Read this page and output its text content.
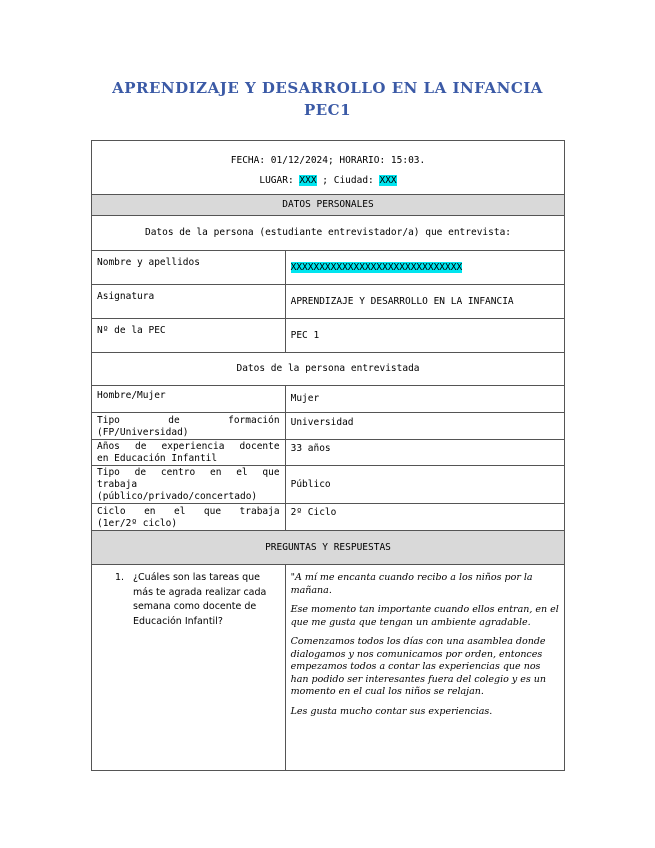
APRENDIZAJE Y DESARROLLO EN LA INFANCIA
PEC1
FECHA: 01/12/2024; HORARIO: 15:03.
LUGAR: XXX ; Ciudad: XXX	

DATOS PERSONALES	
Datos de la persona (estudiante entrevistador/a) que entrevista:	
Nombre y apellidos	XXXXXXXXXXXXXXXXXXXXXXXXXXXXXX
Asignatura	APRENDIZAJE Y DESARROLLO EN LA INFANCIA
Nº de la PEC	PEC 1
Datos de la persona entrevistada	
Hombre/Mujer	Mujer

Tipo de formación
(FP/Universidad)	Universidad

Años de experiencia docente
en Educación Infantil	33 años

Tipo de centro en el que
trabaja
(público/privado/concertado)	Público

Ciclo en el que trabaja
(1er/2º ciclo)	2º Ciclo
PREGUNTAS Y RESPUESTAS	

1. ¿Cuáles son las tareas que más te agrada realizar cada semana como docente de Educación Infantil?	"A mí me encanta cuando recibo a los niños por la mañana.

Ese momento tan importante cuando ellos entran, en el que me gusta que tengan un ambiente agradable.

Comenzamos todos los días con una asamblea donde dialogamos y nos comunicamos por orden, entonces empezamos todos a contar las experiencias que nos han podido ser interesantes fuera del colegio y es un momento en el cual los niños se relajan.

Les gusta mucho contar sus experiencias.
